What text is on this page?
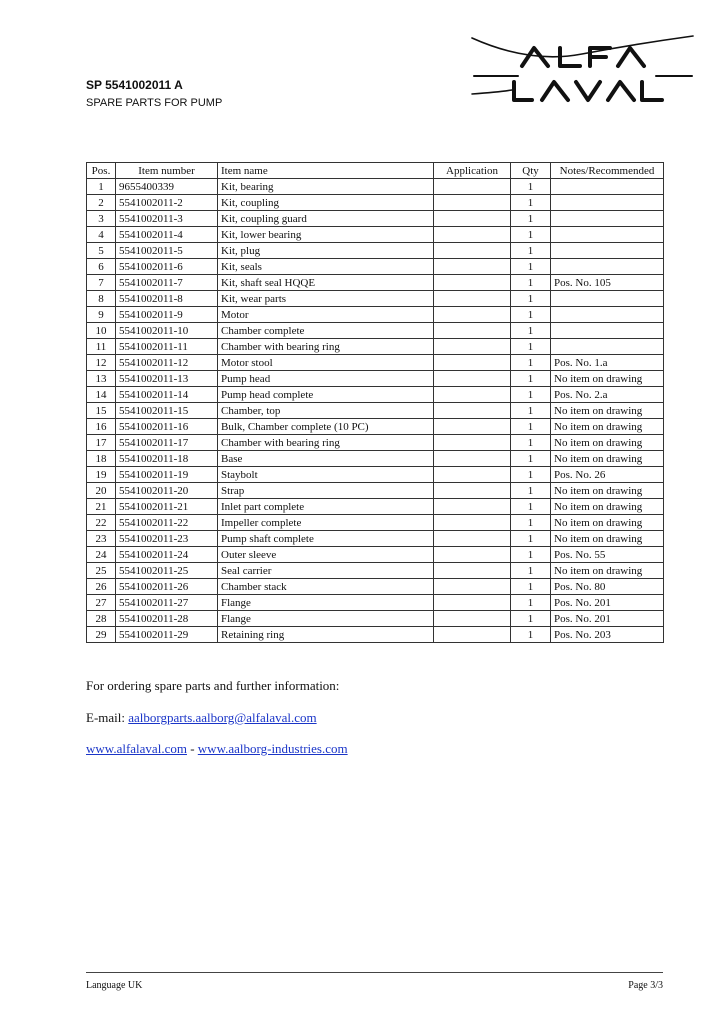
SP 5541002011 A

SPARE PARTS FOR PUMP

Pos.	Item number	Item name	Application	Qty	Notes/Recommended
1	9655400339	Kit, bearing		1	
2	5541002011-2	Kit, coupling		1	
3	5541002011-3	Kit, coupling guard		1	
4	5541002011-4	Kit, lower bearing		1	
5	5541002011-5	Kit, plug		1	
6	5541002011-6	Kit, seals		1	
7	5541002011-7	Kit, shaft seal HQQE		1	Pos. No. 105
8	5541002011-8	Kit, wear parts		1	
9	5541002011-9	Motor		1	
10	5541002011-10	Chamber complete		1	
11	5541002011-11	Chamber with bearing ring		1	
12	5541002011-12	Motor stool		1	Pos. No. 1.a
13	5541002011-13	Pump head		1	No item on drawing
14	5541002011-14	Pump head complete		1	Pos. No. 2.a
15	5541002011-15	Chamber, top		1	No item on drawing
16	5541002011-16	Bulk, Chamber complete (10 PC)		1	No item on drawing
17	5541002011-17	Chamber with bearing ring		1	No item on drawing
18	5541002011-18	Base		1	No item on drawing
19	5541002011-19	Staybolt		1	Pos. No. 26
20	5541002011-20	Strap		1	No item on drawing
21	5541002011-21	Inlet part complete		1	No item on drawing
22	5541002011-22	Impeller complete		1	No item on drawing
23	5541002011-23	Pump shaft complete		1	No item on drawing
24	5541002011-24	Outer sleeve		1	Pos. No. 55
25	5541002011-25	Seal carrier		1	No item on drawing
26	5541002011-26	Chamber stack		1	Pos. No. 80
27	5541002011-27	Flange		1	Pos. No. 201
28	5541002011-28	Flange		1	Pos. No. 201
29	5541002011-29	Retaining ring		1	Pos. No. 203

For ordering spare parts and further information:

E-mail: aalborgparts.aalborg@alfalaval.com

www.alfalaval.com - www.aalborg-industries.com

Language UK	Page 3/3
